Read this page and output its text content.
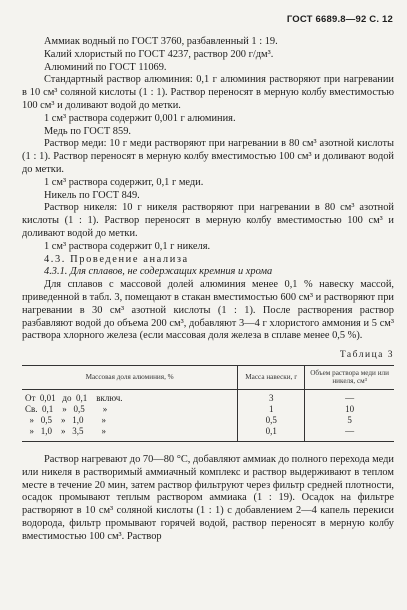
ГОСТ 6689.8—92 С. 12

Аммиак водный по ГОСТ 3760, разбавленный 1 : 19.

Калий хлористый по ГОСТ 4237, раствор 200 г/дм³.

Алюминий по ГОСТ 11069.

Стандартный раствор алюминия: 0,1 г алюминия растворяют при нагревании в 10 см³ соляной кислоты (1 : 1). Раствор переносят в мерную колбу вместимостью 100 см³ и доливают водой до метки.

1 см³ раствора содержит 0,001 г алюминия.

Медь по ГОСТ 859.

Раствор меди: 10 г меди растворяют при нагревании в 80 см³ азотной кислоты (1 : 1). Раствор переносят в мерную колбу вместимостью 100 см³ и доливают водой до метки.

1 см³ раствора содержит, 0,1 г меди.

Никель по ГОСТ 849.

Раствор никеля: 10 г никеля растворяют при нагревании в 80 см³ азотной кислоты (1 : 1). Раствор переносят в мерную колбу вместимостью 100 см³ и доливают водой до метки.

1 см³ раствора содержит 0,1 г никеля.

4.3. Проведение анализа

4.3.1. Для сплавов, не содержащих кремния и хрома

Для сплавов с массовой долей алюминия менее 0,1 % навеску массой, приведенной в табл. 3, помещают в стакан вместимостью 600 см³ и растворяют при нагревании в 30 см³ азотной кислоты (1 : 1). После растворения раствор разбавляют водой до объема 200 см³, добавляют 3—4 г хлористого аммония и 5 см³ раствора хлорного железа (если массовая доля железа в сплаве менее 0,5 %).

Таблица 3
Массовая доля алюминия, %	Масса навески, г	Объем раствора меди или никеля, см³
От  0,01   до  0,1    включ.	3	—
Св.  0,1    »   0,5        »	1	10
»   0,5    »   1,0        »	0,5	5
»   1,0    »   3,5        »	0,1	—

Раствор нагревают до 70—80 °С, добавляют аммиак до полного перехода меди или никеля в растворимый аммиачный комплекс и раствор выдерживают в теплом месте в течение 20 мин, затем раствор фильтруют через фильтр средней плотности, осадок промывают теплым раствором аммиака (1 : 19). Осадок на фильтре растворяют в 10 см³ соляной кислоты (1 : 1) с добавлением 2—4 капель перекиси водорода, фильтр промывают горячей водой, раствор переносят в мерную колбу вместимостью 100 см³. Раствор
